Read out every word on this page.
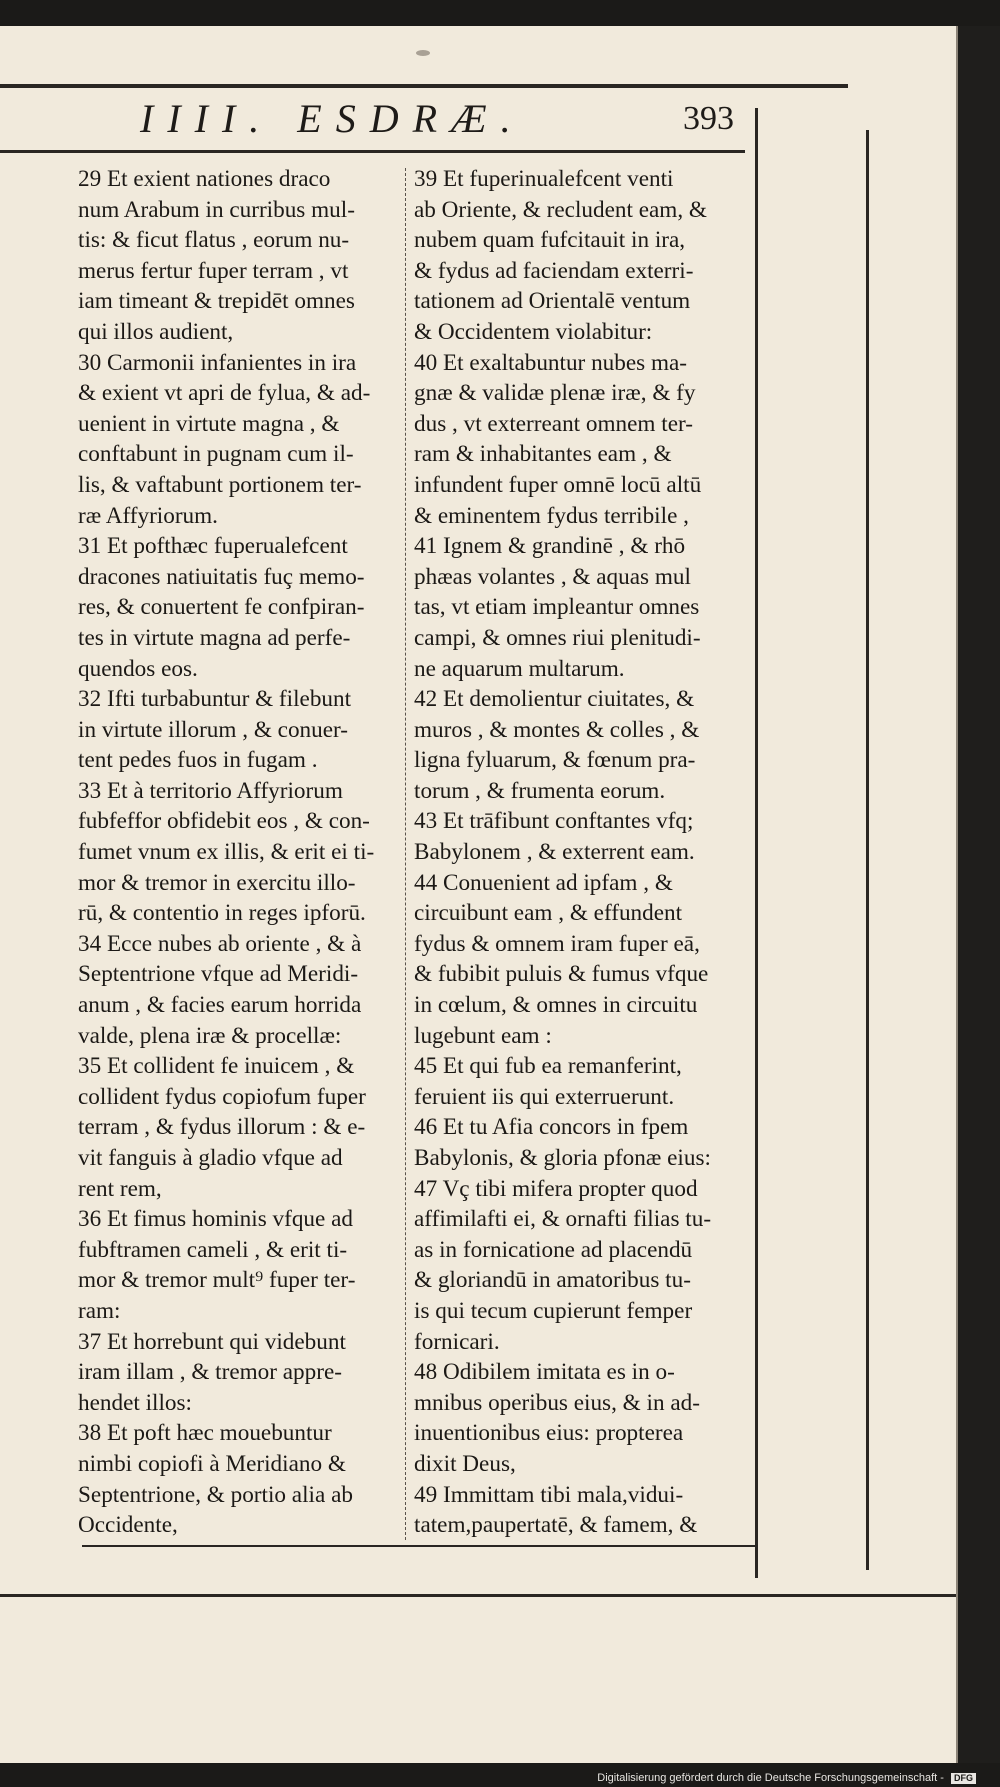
IIII. ESDRÆ.	393
29 Et exient nationes draco
num Arabum in curribus mul-
tis: & ficut flatus , eorum nu-
merus fertur fuper terram , vt
iam timeant & trepidēt omnes
qui illos audient,
30 Carmonii infanientes in ira
& exient vt apri de fylua, & ad-
uenient in virtute magna , &
conftabunt in pugnam cum il-
lis, & vaftabunt portionem ter-
ræ Affyriorum.
31 Et pofthæc fuperualefcent
dracones natiuitatis fuç memo-
res, & conuertent fe confpiran-
tes in virtute magna ad perfe-
quendos eos.
32 Ifti turbabuntur & filebunt
in virtute illorum , & conuer-
tent pedes fuos in fugam .
33 Et à territorio Affyriorum
fubfeffor obfidebit eos , & con-
fumet vnum ex illis, & erit ei ti-
mor & tremor in exercitu illo-
rū, & contentio in reges ipforū.
34 Ecce nubes ab oriente , & à
Septentrione vfque ad Meridi-
anum , & facies earum horrida
valde, plena iræ & procellæ:
35 Et collident fe inuicem , &
collident fydus copiofum fuper
terram , & fydus illorum : & e-
vit fanguis à gladio vfque ad
rent rem,
36 Et fimus hominis vfque ad
fubftramen cameli , & erit ti-
mor & tremor mult⁹ fuper ter-
ram:
37 Et horrebunt qui videbunt
iram illam , & tremor appre-
hendet illos:
38 Et poft hæc mouebuntur
nimbi copiofi à Meridiano &
Septentrione, & portio alia ab
Occidente,
39 Et fuperinualefcent venti
ab Oriente, & recludent eam, &
nubem quam fufcitauit in ira,
& fydus ad faciendam exterri-
tationem ad Orientalē ventum
& Occidentem violabitur:
40 Et exaltabuntur nubes ma-
gnæ & validæ plenæ iræ, & fy
dus , vt exterreant omnem ter-
ram & inhabitantes eam , &
infundent fuper omnē locū altū
& eminentem fydus terribile ,
41 Ignem & grandinē , & rhō
phæas volantes , & aquas mul
tas, vt etiam impleantur omnes
campi, & omnes riui plenitudi-
ne aquarum multarum.
42 Et demolientur ciuitates, &
muros , & montes & colles , &
ligna fyluarum, & fœnum pra-
torum , & frumenta eorum.
43 Et trāfibunt conftantes vfq;
Babylonem , & exterrent eam.
44 Conuenient ad ipfam , &
circuibunt eam , & effundent
fydus & omnem iram fuper eā,
& fubibit puluis & fumus vfque
in cœlum, & omnes in circuitu
lugebunt eam :
45 Et qui fub ea remanferint,
feruient iis qui exterruerunt.
46 Et tu Afia concors in fpem
Babylonis, & gloria pfonæ eius:
47 Vç tibi mifera propter quod
affimilafti ei, & ornafti filias tu-
as in fornicatione ad placendū
& gloriandū in amatoribus tu-
is qui tecum cupierunt femper
fornicari.
48 Odibilem imitata es in o-
mnibus operibus eius, & in ad-
inuentionibus eius: propterea
dixit Deus,
49 Immittam tibi mala,vidui-
tatem,paupertatē, & famem, &
Digitalisierung gefördert durch die Deutsche Forschungsgemeinschaft - DFG
